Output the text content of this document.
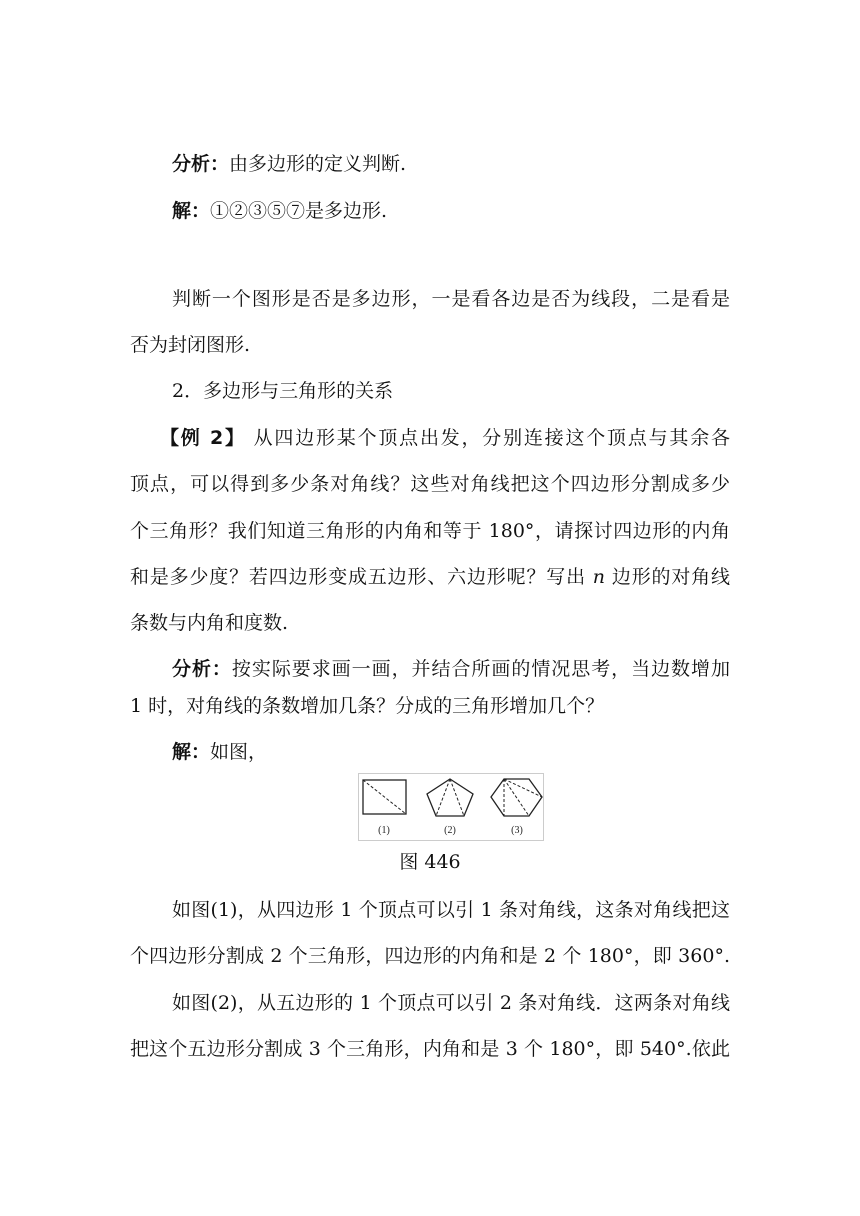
分析：由多边形的定义判断.
解：①②③⑤⑦是多边形.
判断一个图形是否是多边形，一是看各边是否为线段，二是看是
否为封闭图形.
2．多边形与三角形的关系
【例 2】 从四边形某个顶点出发，分别连接这个顶点与其余各
顶点，可以得到多少条对角线？这些对角线把这个四边形分割成多少
个三角形？我们知道三角形的内角和等于 180°，请探讨四边形的内角
和是多少度？若四边形变成五边形、六边形呢？写出 n 边形的对角线
条数与内角和度数.
分析：按实际要求画一画，并结合所画的情况思考，当边数增加
1 时，对角线的条数增加几条？分成的三角形增加几个？
解：如图，
(1)	(2)	(3)
图 446
如图(1)，从四边形 1 个顶点可以引 1 条对角线，这条对角线把这
个四边形分割成 2 个三角形，四边形的内角和是 2 个 180°，即 360°.
如图(2)，从五边形的 1 个顶点可以引 2 条对角线．这两条对角线
把这个五边形分割成 3 个三角形，内角和是 3 个 180°，即 540°.依此
